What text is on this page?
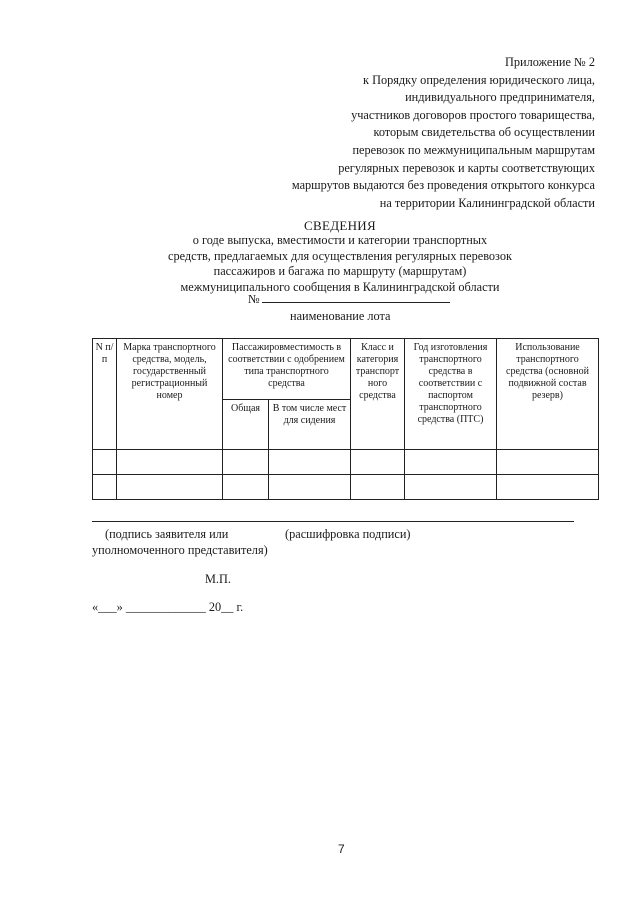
Приложение № 2
к Порядку определения юридического лица,
индивидуального предпринимателя,
участников договоров простого товарищества,
которым свидетельства об осуществлении
перевозок по межмуниципальным маршрутам
регулярных перевозок и карты соответствующих
маршрутов выдаются без проведения открытого конкурса
на территории Калининградской области
СВЕДЕНИЯ
о годе выпуска, вместимости и категории транспортных
средств, предлагаемых для осуществления регулярных перевозок
пассажиров и багажа по маршруту (маршрутам)
межмуниципального сообщения в Калининградской области
№
наименование лота
N п/п	Марка транспортного средства, модель, государственный регистрационный номер	Пассажировместимость в соответствии с одобрением типа транспортного средства		Класс и категория транспорт ного средства	Год изготовления транспортного средства в соответствии с паспортом транспортного средства (ПТС)	Использование транспортного средства (основной подвижной состав резерв)
		Общая	В том числе мест для сидения			

(подпись заявителя или	(расшифровка подписи)
уполномоченного представителя)
М.П.
«___» _____________ 20__ г.
7
